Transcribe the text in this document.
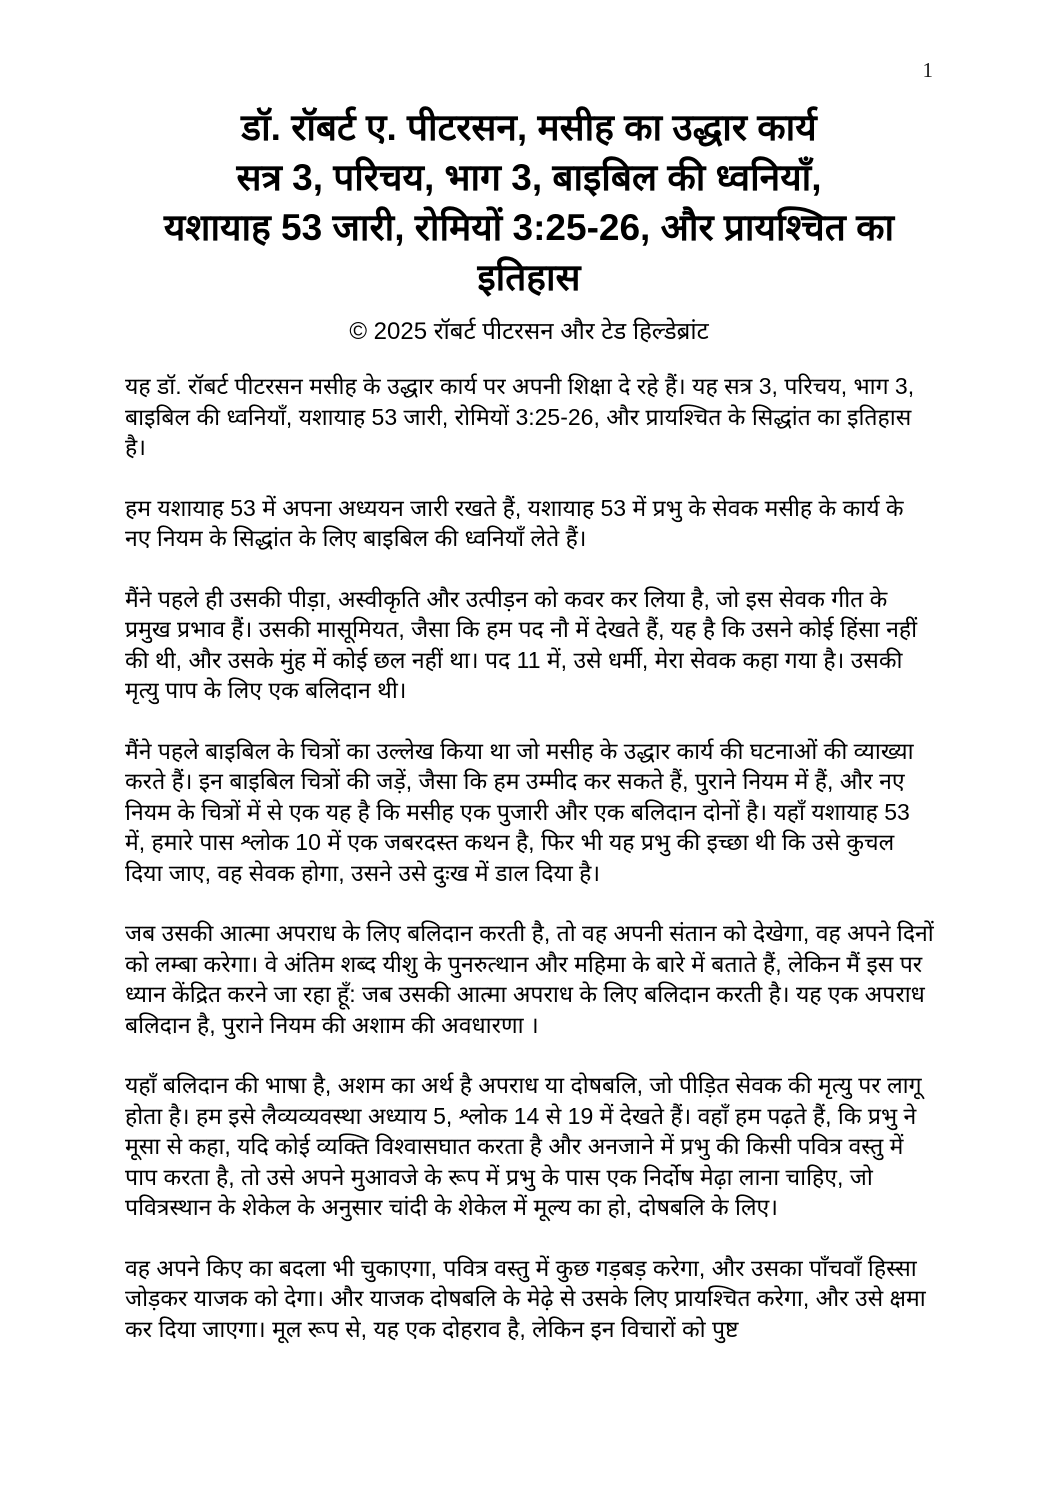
1
डॉ. रॉबर्ट ए. पीटरसन, मसीह का उद्धार कार्य
सत्र 3, परिचय, भाग 3, बाइबिल की ध्वनियाँ,
यशायाह 53 जारी, रोमियों 3:25-26, और प्रायश्चित का
इतिहास
© 2025 रॉबर्ट पीटरसन और टेड हिल्डेब्रांट

यह डॉ. रॉबर्ट पीटरसन मसीह के उद्धार कार्य पर अपनी शिक्षा दे रहे हैं। यह सत्र 3, परिचय, भाग 3, बाइबिल की ध्वनियाँ, यशायाह 53 जारी, रोमियों 3:25-26, और प्रायश्चित के सिद्धांत का इतिहास है।

हम यशायाह 53 में अपना अध्ययन जारी रखते हैं, यशायाह 53 में प्रभु के सेवक मसीह के कार्य के नए नियम के सिद्धांत के लिए बाइबिल की ध्वनियाँ लेते हैं।

मैंने पहले ही उसकी पीड़ा, अस्वीकृति और उत्पीड़न को कवर कर लिया है, जो इस सेवक गीत के प्रमुख प्रभाव हैं। उसकी मासूमियत, जैसा कि हम पद नौ में देखते हैं, यह है कि उसने कोई हिंसा नहीं की थी, और उसके मुंह में कोई छल नहीं था। पद 11 में, उसे धर्मी, मेरा सेवक कहा गया है। उसकी मृत्यु पाप के लिए एक बलिदान थी।

मैंने पहले बाइबिल के चित्रों का उल्लेख किया था जो मसीह के उद्धार कार्य की घटनाओं की व्याख्या करते हैं। इन बाइबिल चित्रों की जड़ें, जैसा कि हम उम्मीद कर सकते हैं, पुराने नियम में हैं, और नए नियम के चित्रों में से एक यह है कि मसीह एक पुजारी और एक बलिदान दोनों है। यहाँ यशायाह 53 में, हमारे पास श्लोक 10 में एक जबरदस्त कथन है, फिर भी यह प्रभु की इच्छा थी कि उसे कुचल दिया जाए, वह सेवक होगा, उसने उसे दुःख में डाल दिया है।

जब उसकी आत्मा अपराध के लिए बलिदान करती है, तो वह अपनी संतान को देखेगा, वह अपने दिनों को लम्बा करेगा। वे अंतिम शब्द यीशु के पुनरुत्थान और महिमा के बारे में बताते हैं, लेकिन मैं इस पर ध्यान केंद्रित करने जा रहा हूँ: जब उसकी आत्मा अपराध के लिए बलिदान करती है। यह एक अपराध बलिदान है, पुराने नियम की अशाम की अवधारणा ।

यहाँ बलिदान की भाषा है, अशम का अर्थ है अपराध या दोषबलि, जो पीड़ित सेवक की मृत्यु पर लागू होता है। हम इसे लैव्यव्यवस्था अध्याय 5, श्लोक 14 से 19 में देखते हैं। वहाँ हम पढ़ते हैं, कि प्रभु ने मूसा से कहा, यदि कोई व्यक्ति विश्वासघात करता है और अनजाने में प्रभु की किसी पवित्र वस्तु में पाप करता है, तो उसे अपने मुआवजे के रूप में प्रभु के पास एक निर्दोष मेढ़ा लाना चाहिए, जो पवित्रस्थान के शेकेल के अनुसार चांदी के शेकेल में मूल्य का हो, दोषबलि के लिए।

वह अपने किए का बदला भी चुकाएगा, पवित्र वस्तु में कुछ गड़बड़ करेगा, और उसका पाँचवाँ हिस्सा जोड़कर याजक को देगा। और याजक दोषबलि के मेढ़े से उसके लिए प्रायश्चित करेगा, और उसे क्षमा कर दिया जाएगा। मूल रूप से, यह एक दोहराव है, लेकिन इन विचारों को पुष्ट
